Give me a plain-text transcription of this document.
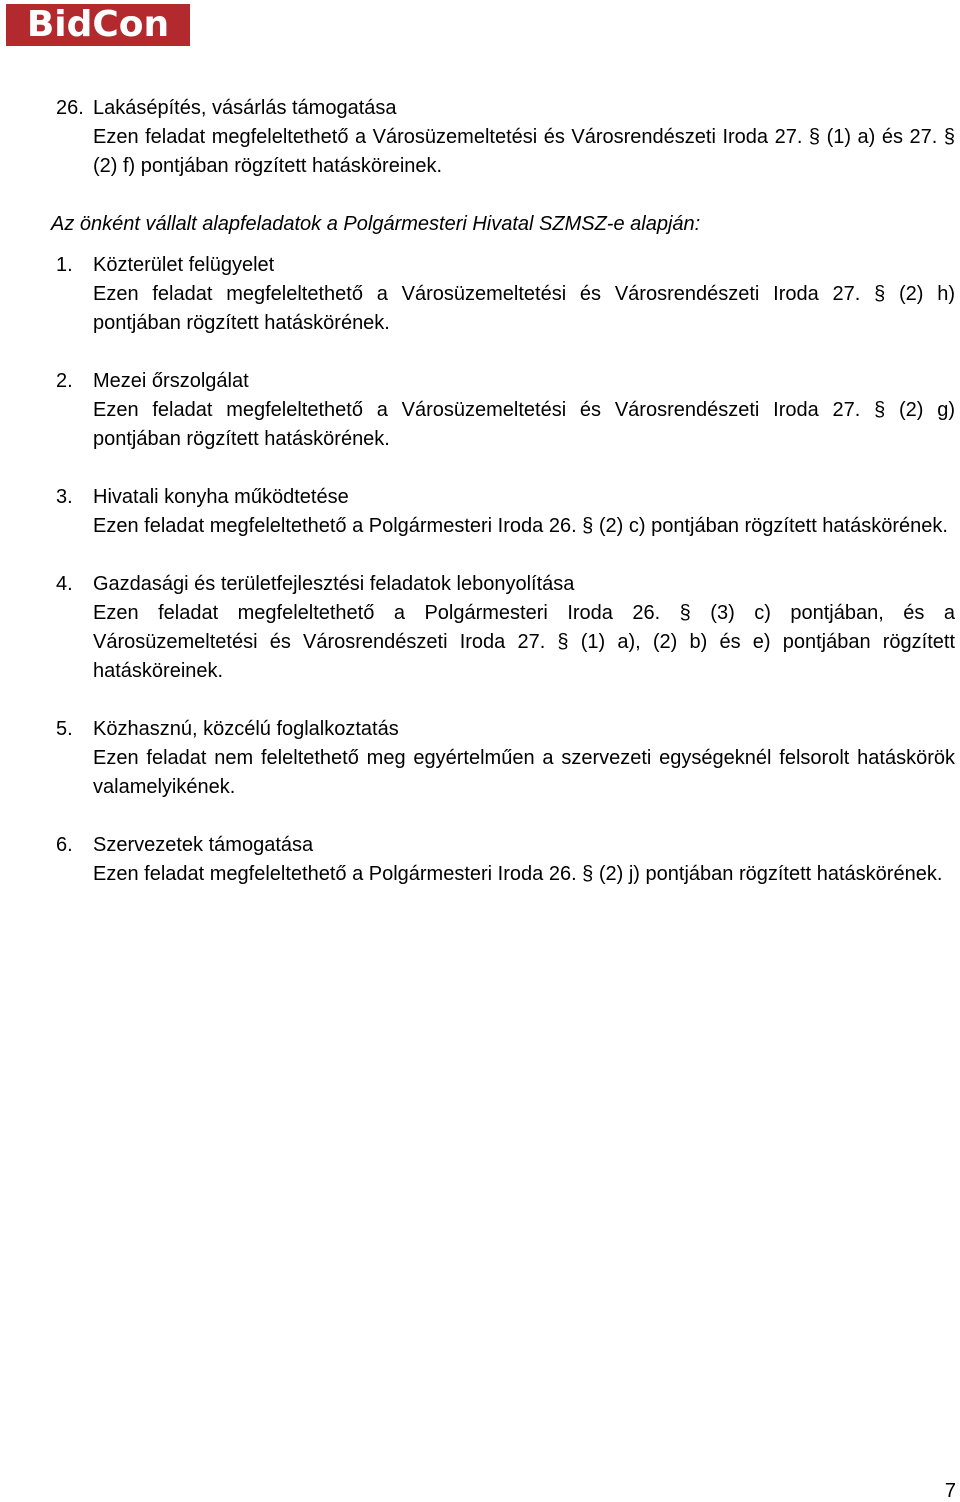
BidCon
26. Lakásépítés, vásárlás támogatása
Ezen feladat megfeleltethető a Városüzemeltetési és Városrendészeti Iroda 27. § (1) a) és 27. § (2) f) pontjában rögzített hatásköreinek.
Az önként vállalt alapfeladatok a Polgármesteri Hivatal SZMSZ-e alapján:
1. Közterület felügyelet
Ezen feladat megfeleltethető a Városüzemeltetési és Városrendészeti Iroda 27. § (2) h) pontjában rögzített hatáskörének.
2. Mezei őrszolgálat
Ezen feladat megfeleltethető a Városüzemeltetési és Városrendészeti Iroda 27. § (2) g) pontjában rögzített hatáskörének.
3. Hivatali konyha működtetése
Ezen feladat megfeleltethető a Polgármesteri Iroda 26. § (2) c) pontjában rögzített hatáskörének.
4. Gazdasági és területfejlesztési feladatok lebonyolítása
Ezen feladat megfeleltethető a Polgármesteri Iroda 26. § (3) c) pontjában, és a Városüzemeltetési és Városrendészeti Iroda 27. § (1) a), (2) b) és e) pontjában rögzített hatásköreinek.
5. Közhasznú, közcélú foglalkoztatás
Ezen feladat nem feleltethető meg egyértelműen a szervezeti egységeknél felsorolt hatáskörök valamelyikének.
6. Szervezetek támogatása
Ezen feladat megfeleltethető a Polgármesteri Iroda 26. § (2) j) pontjában rögzített hatáskörének.
7
